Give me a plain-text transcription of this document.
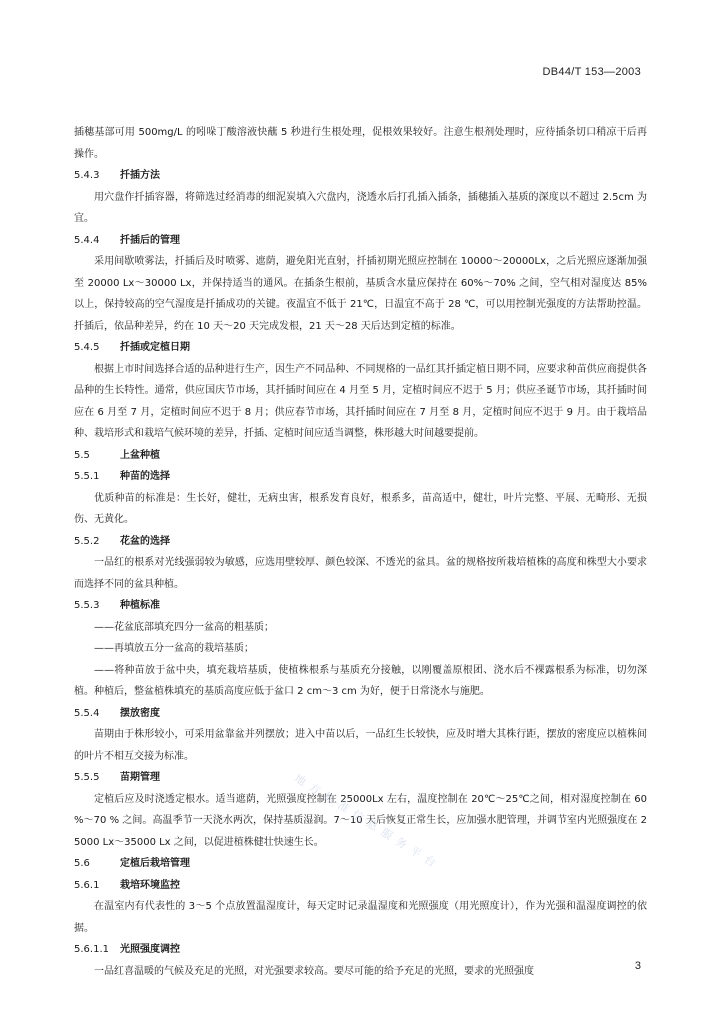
DB44/T 153—2003

插穗基部可用 500mg/L 的吲哚丁酸溶液快蘸 5 秒进行生根处理，促根效果较好。注意生根剂处理时，应待插条切口稍凉干后再操作。

5.4.3 扦插方法

用穴盘作扦插容器，将筛选过经消毒的细泥炭填入穴盘内，浇透水后打孔插入插条，插穗插入基质的深度以不超过 2.5cm 为宜。

5.4.4 扦插后的管理

采用间歇喷雾法，扦插后及时喷雾、遮荫，避免阳光直射，扦插初期光照应控制在 10000～20000Lx，之后光照应逐渐加强至 20000 Lx～30000 Lx，并保持适当的通风。在插条生根前，基质含水量应保持在 60%～70% 之间，空气相对湿度达 85% 以上，保持较高的空气湿度是扦插成功的关键。夜温宜不低于 21℃，日温宜不高于 28 ℃，可以用控制光强度的方法帮助控温。扦插后，依品种差异，约在 10 天～20 天完成发根，21 天～28 天后达到定植的标准。

5.4.5 扦插或定植日期

根据上市时间选择合适的品种进行生产，因生产不同品种、不同规格的一品红其扦插定植日期不同，应要求种苗供应商提供各品种的生长特性。通常，供应国庆节市场，其扦插时间应在 4 月至 5 月，定植时间应不迟于 5 月；供应圣诞节市场，其扦插时间应在 6 月至 7 月，定植时间应不迟于 8 月；供应春节市场，其扦插时间应在 7 月至 8 月，定植时间应不迟于 9 月。由于栽培品种、栽培形式和栽培气候环境的差异，扦插、定植时间应适当调整，株形越大时间越要提前。

5.5	上盆种植
5.5.1 种苗的选择

优质种苗的标准是：生长好，健壮，无病虫害，根系发育良好，根系多，苗高适中，健壮，叶片完整、平展、无畸形、无损伤、无黄化。

5.5.2 花盆的选择

一品红的根系对光线强弱较为敏感，应选用壁较厚、颜色较深、不透光的盆具。盆的规格按所栽培植株的高度和株型大小要求而选择不同的盆具种植。

5.5.3 种植标准

——花盆底部填充四分一盆高的粗基质；

——再填放五分一盆高的栽培基质；

——将种苗放于盆中央，填充栽培基质，使植株根系与基质充分接触，以刚覆盖原根团、浇水后不裸露根系为标准，切勿深植。种植后，整盆植株填充的基质高度应低于盆口 2 cm～3 cm 为好，便于日常浇水与施肥。

5.5.4 摆放密度

苗期由于株形较小，可采用盆靠盆并列摆放；进入中苗以后，一品红生长较快，应及时增大其株行距，摆放的密度应以植株间的叶片不相互交接为标准。

5.5.5 苗期管理

定植后应及时浇透定根水。适当遮荫，光照强度控制在 25000Lx 左右，温度控制在 20℃～25℃之间，相对湿度控制在 60 %～70 % 之间。高温季节一天浇水两次，保持基质湿润。7～10 天后恢复正常生长，应加强水肥管理，并调节室内光照强度在 25000 Lx～35000 Lx 之间，以促进植株健壮快速生长。

5.6	定植后栽培管理
5.6.1 栽培环境监控

在温室内有代表性的 3～5 个点放置温湿度计，每天定时记录温湿度和光照强度（用光照度计），作为光强和温湿度调控的依据。

5.6.1.1 光照强度调控

一品红喜温暖的气候及充足的光照，对光强要求较高。要尽可能的给予充足的光照，要求的光照强度

地方标准信息服务平台
3
